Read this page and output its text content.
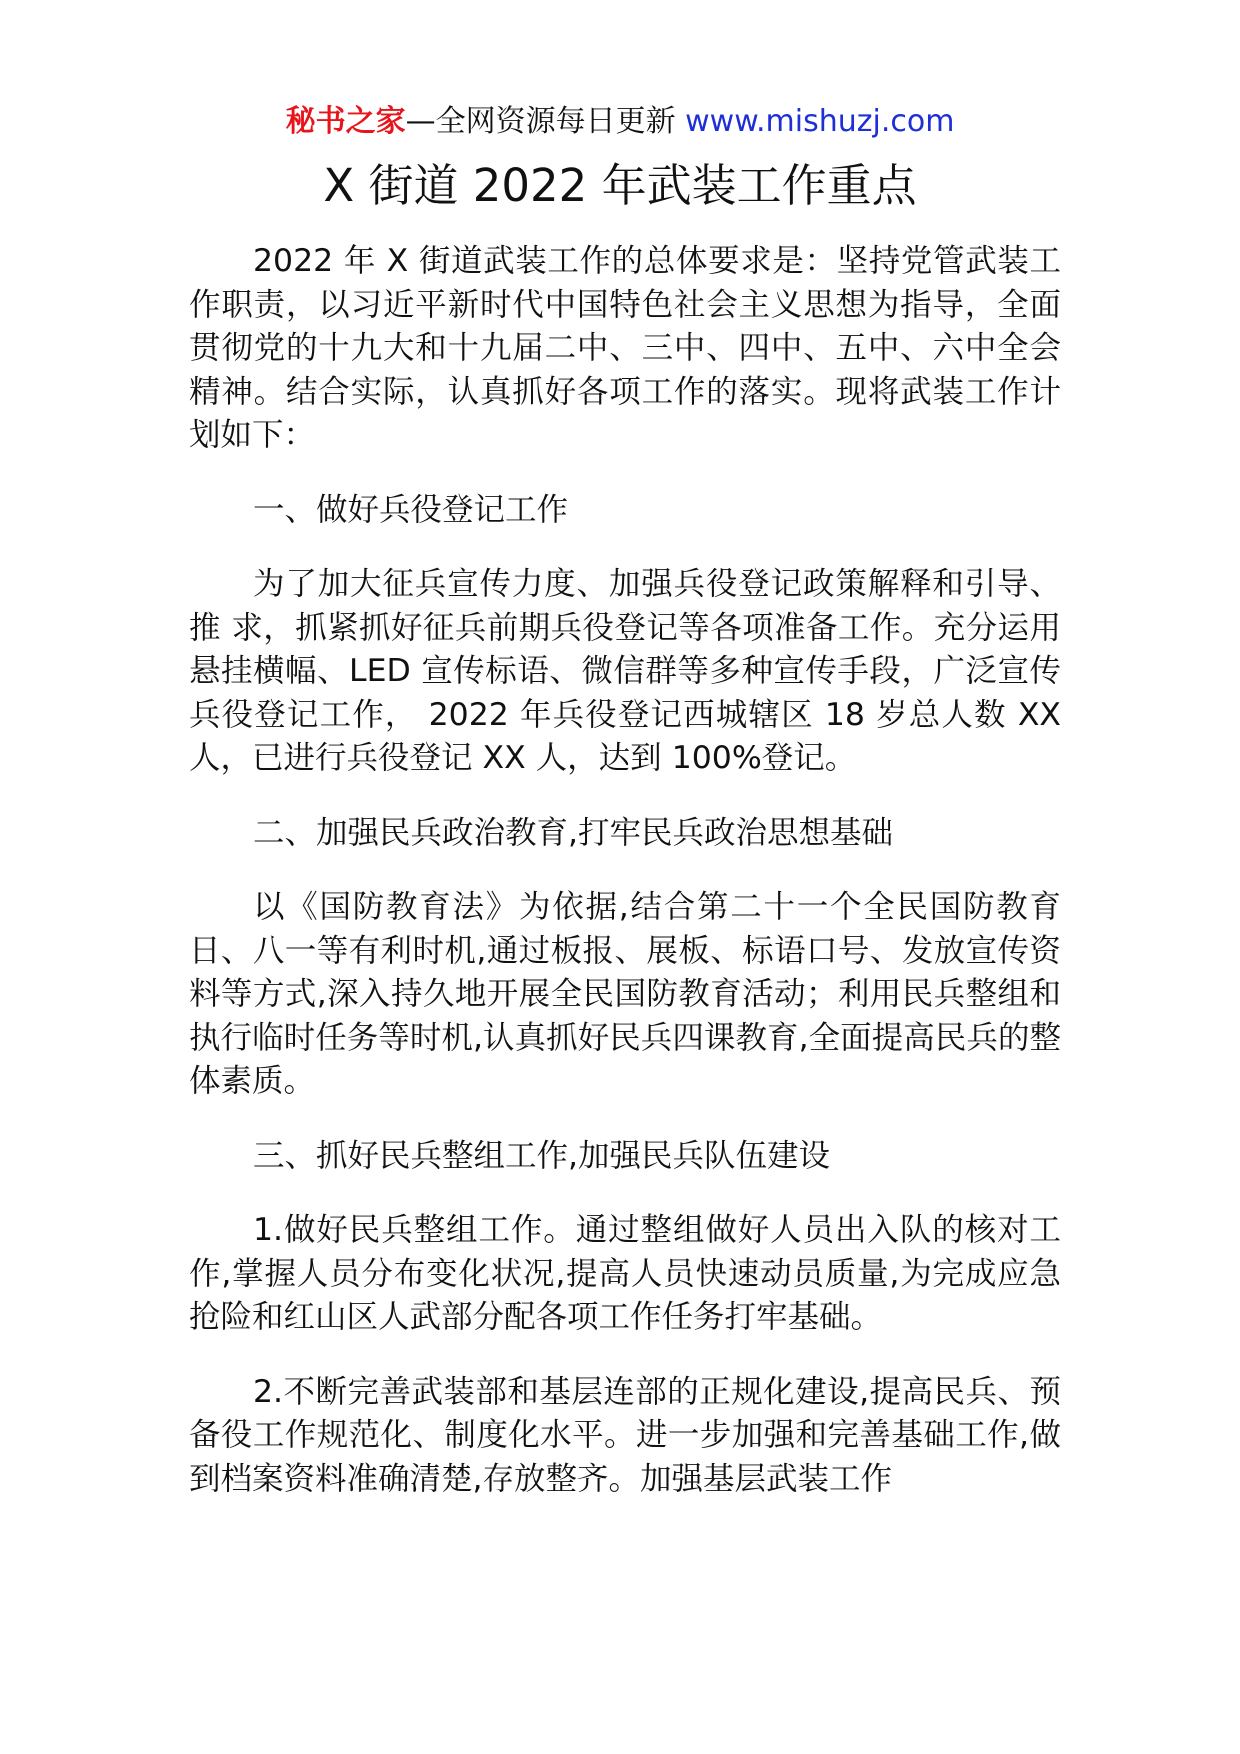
秘书之家—全网资源每日更新 www.mishuzj.com
X 街道 2022 年武装工作重点

2022 年 X 街道武装工作的总体要求是：坚持党管武装工作职责，以习近平新时代中国特色社会主义思想为指导，全面贯彻党的十九大和十九届二中、三中、四中、五中、六中全会精神。结合实际，认真抓好各项工作的落实。现将武装工作计划如下：

一、做好兵役登记工作

为了加大征兵宣传力度、加强兵役登记政策解释和引导、推 求，抓紧抓好征兵前期兵役登记等各项准备工作。充分运用悬挂横幅、LED 宣传标语、微信群等多种宣传手段，广泛宣传兵役登记工作， 2022 年兵役登记西城辖区 18 岁总人数 XX 人，已进行兵役登记 XX 人，达到 100%登记。

二、加强民兵政治教育,打牢民兵政治思想基础

以《国防教育法》为依据,结合第二十一个全民国防教育日、八一等有利时机,通过板报、展板、标语口号、发放宣传资料等方式,深入持久地开展全民国防教育活动；利用民兵整组和执行临时任务等时机,认真抓好民兵四课教育,全面提高民兵的整体素质。

三、抓好民兵整组工作,加强民兵队伍建设

1.做好民兵整组工作。通过整组做好人员出入队的核对工作,掌握人员分布变化状况,提高人员快速动员质量,为完成应急抢险和红山区人武部分配各项工作任务打牢基础。

2.不断完善武装部和基层连部的正规化建设,提高民兵、预备役工作规范化、制度化水平。进一步加强和完善基础工作,做到档案资料准确清楚,存放整齐。加强基层武装工作
